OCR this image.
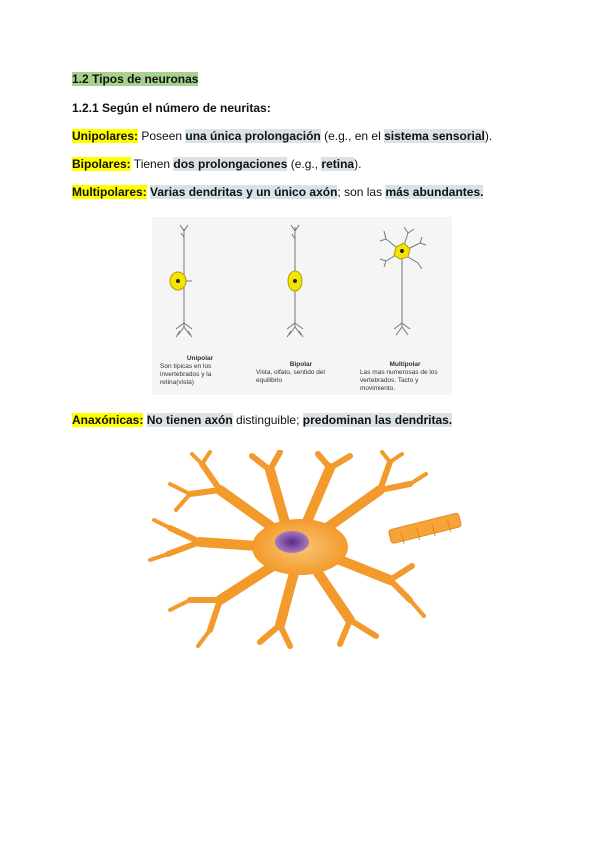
1.2 Tipos de neuronas
1.2.1 Según el número de neuritas:
Unipolares: Poseen una única prolongación (e.g., en el sistema sensorial).
Bipolares: Tienen dos prolongaciones (e.g., retina).
Multipolares: Varias dendritas y un único axón; son las más abundantes.

Unipolar
Son típicas en los
invertebrados y la
retina(vista)

Bipolar
Vista, olfato, sentido del
equilibrio

Multipolar
Las mas numerosas de los
vertebrados. Tacto y
movimiento.

Anaxónicas: No tienen axón distinguible; predominan las dendritas.
